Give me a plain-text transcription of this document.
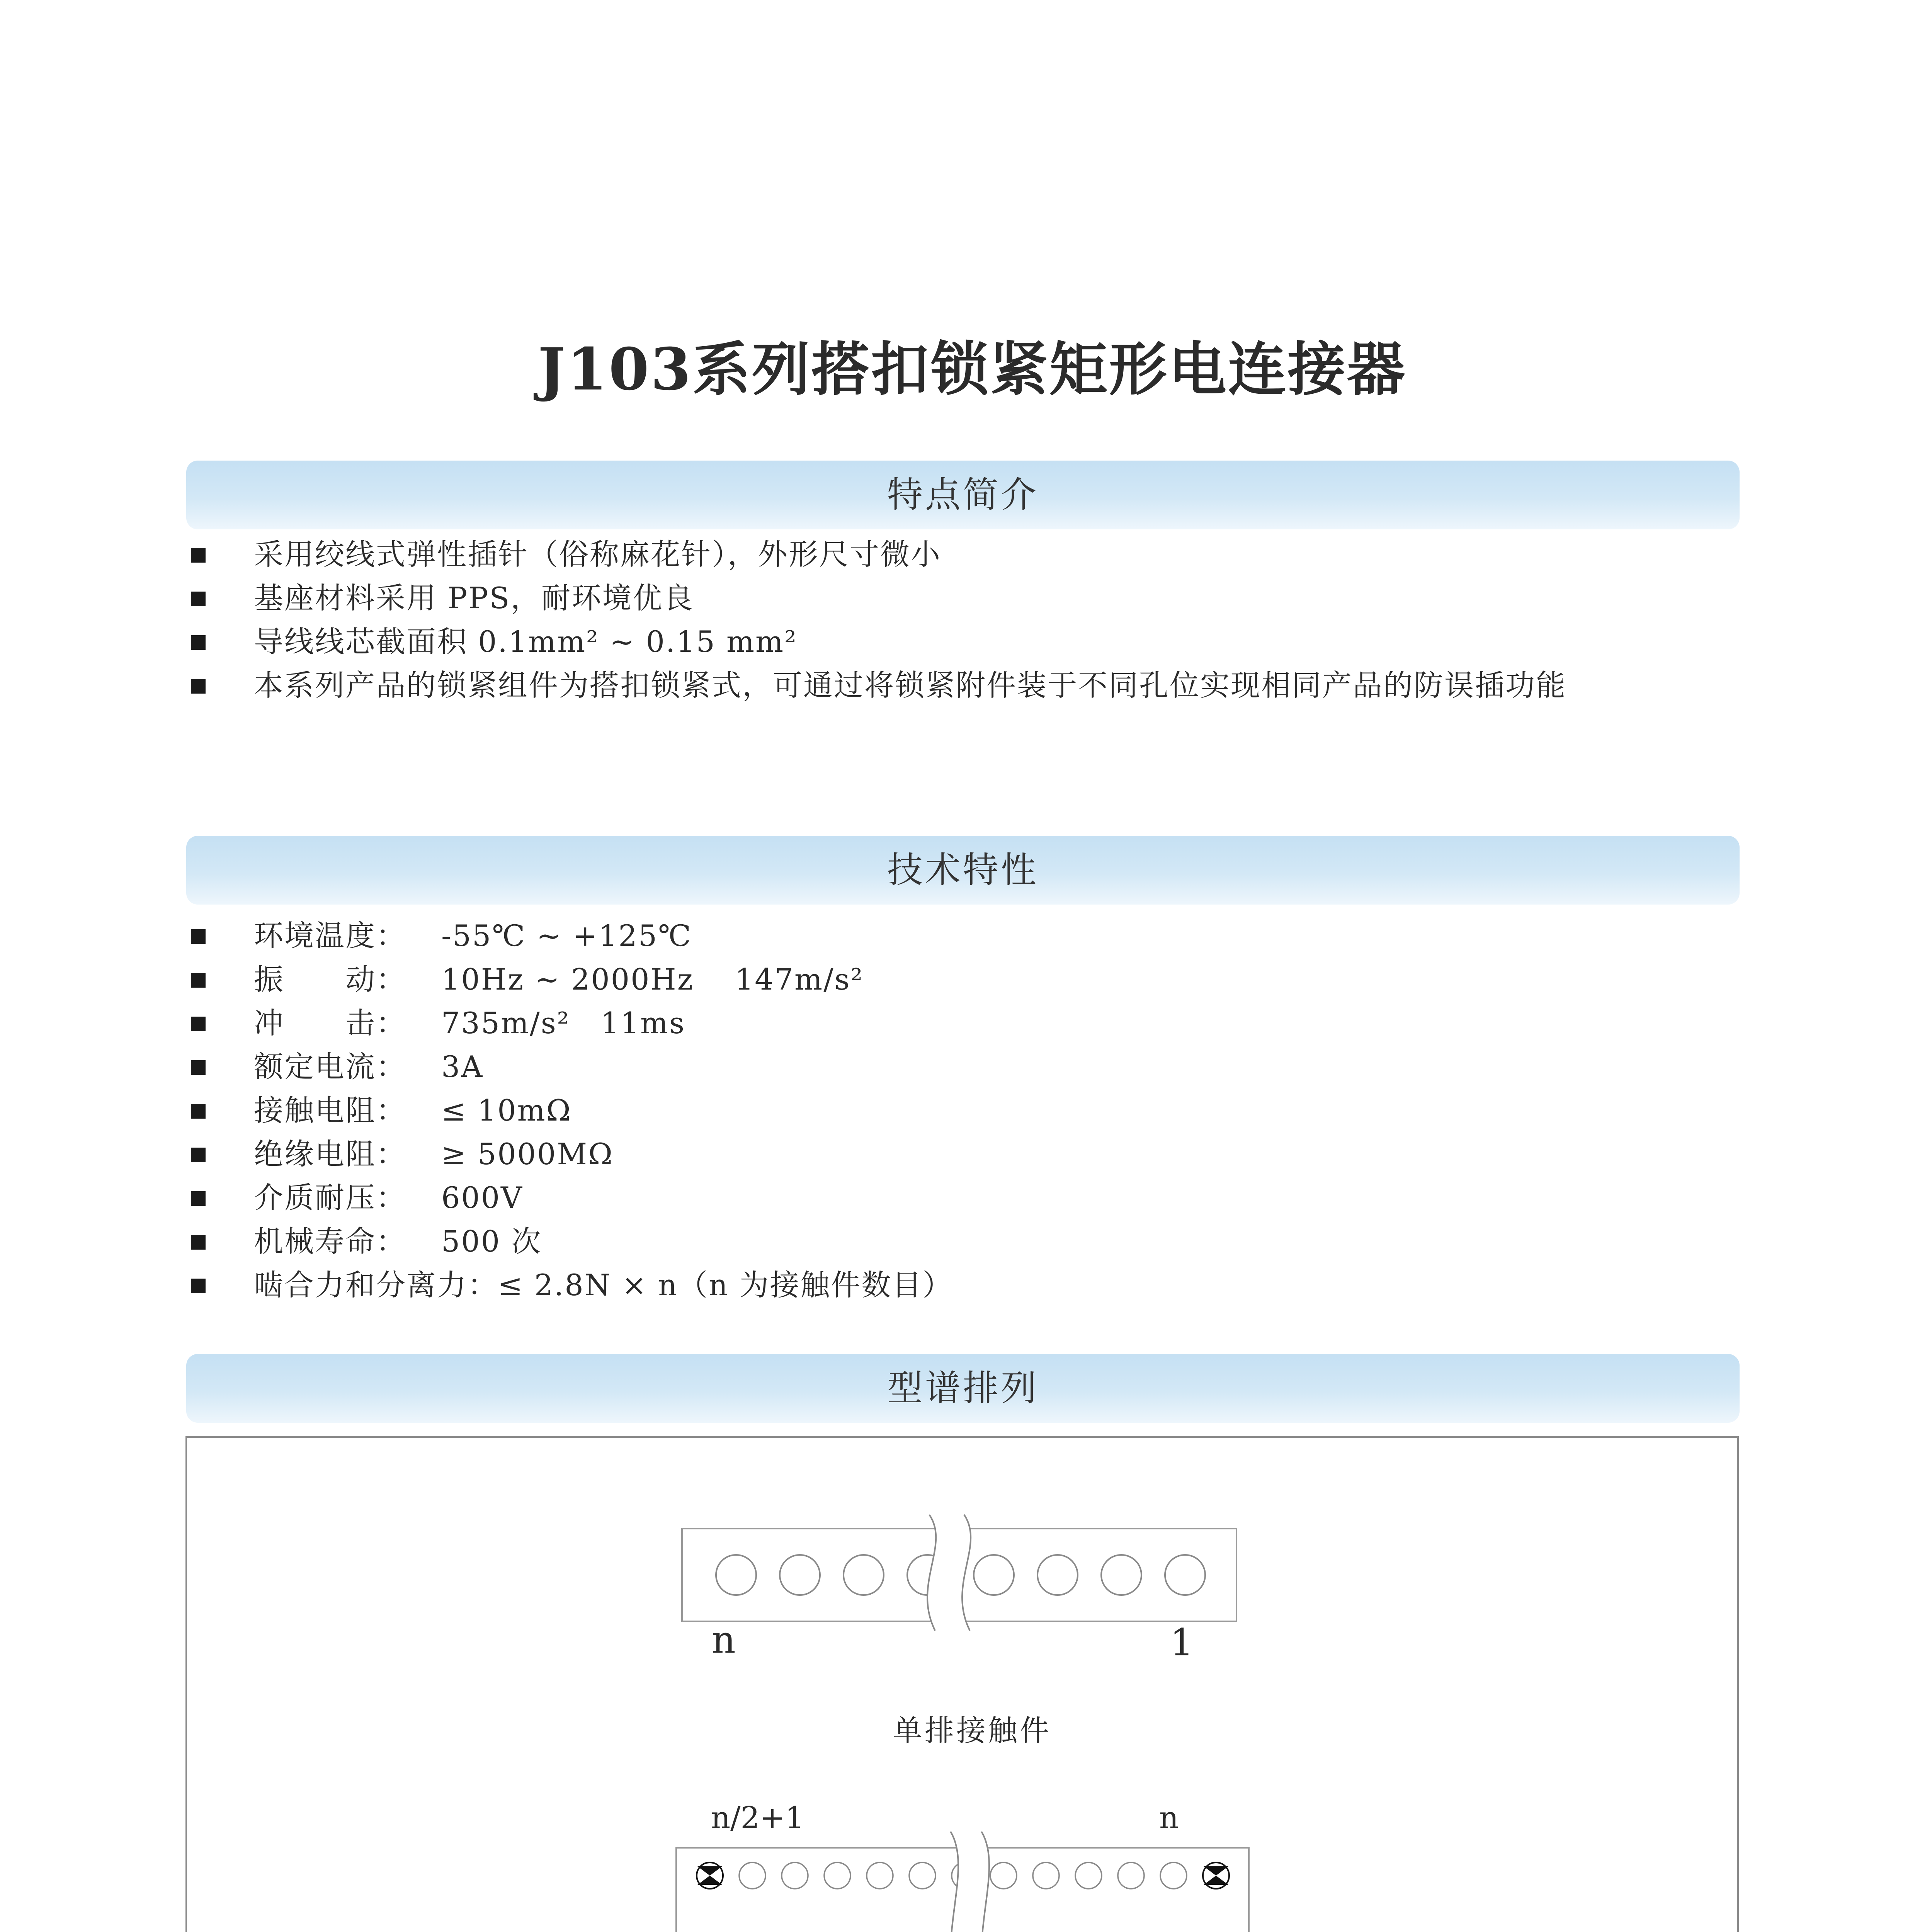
J103系列搭扣锁紧矩形电连接器
特点简介
采用绞线式弹性插针（俗称麻花针），外形尺寸微小
基座材料采用 PPS，耐环境优良
导线线芯截面积 0.1mm² ~ 0.15 mm²
本系列产品的锁紧组件为搭扣锁紧式，可通过将锁紧附件装于不同孔位实现相同产品的防误插功能
技术特性
环境温度： -55℃ ~ +125℃
振　　动： 10Hz ~ 2000Hz　 147m/s²
冲　　击： 735m/s²　11ms
额定电流： 3A
接触电阻： ≤ 10mΩ
绝缘电阻： ≥ 5000MΩ
介质耐压： 600V
机械寿命： 500 次
啮合力和分离力：≤ 2.8N × n（n 为接触件数目）
型谱排列
n	1
单排接触件
n/2+1	n
